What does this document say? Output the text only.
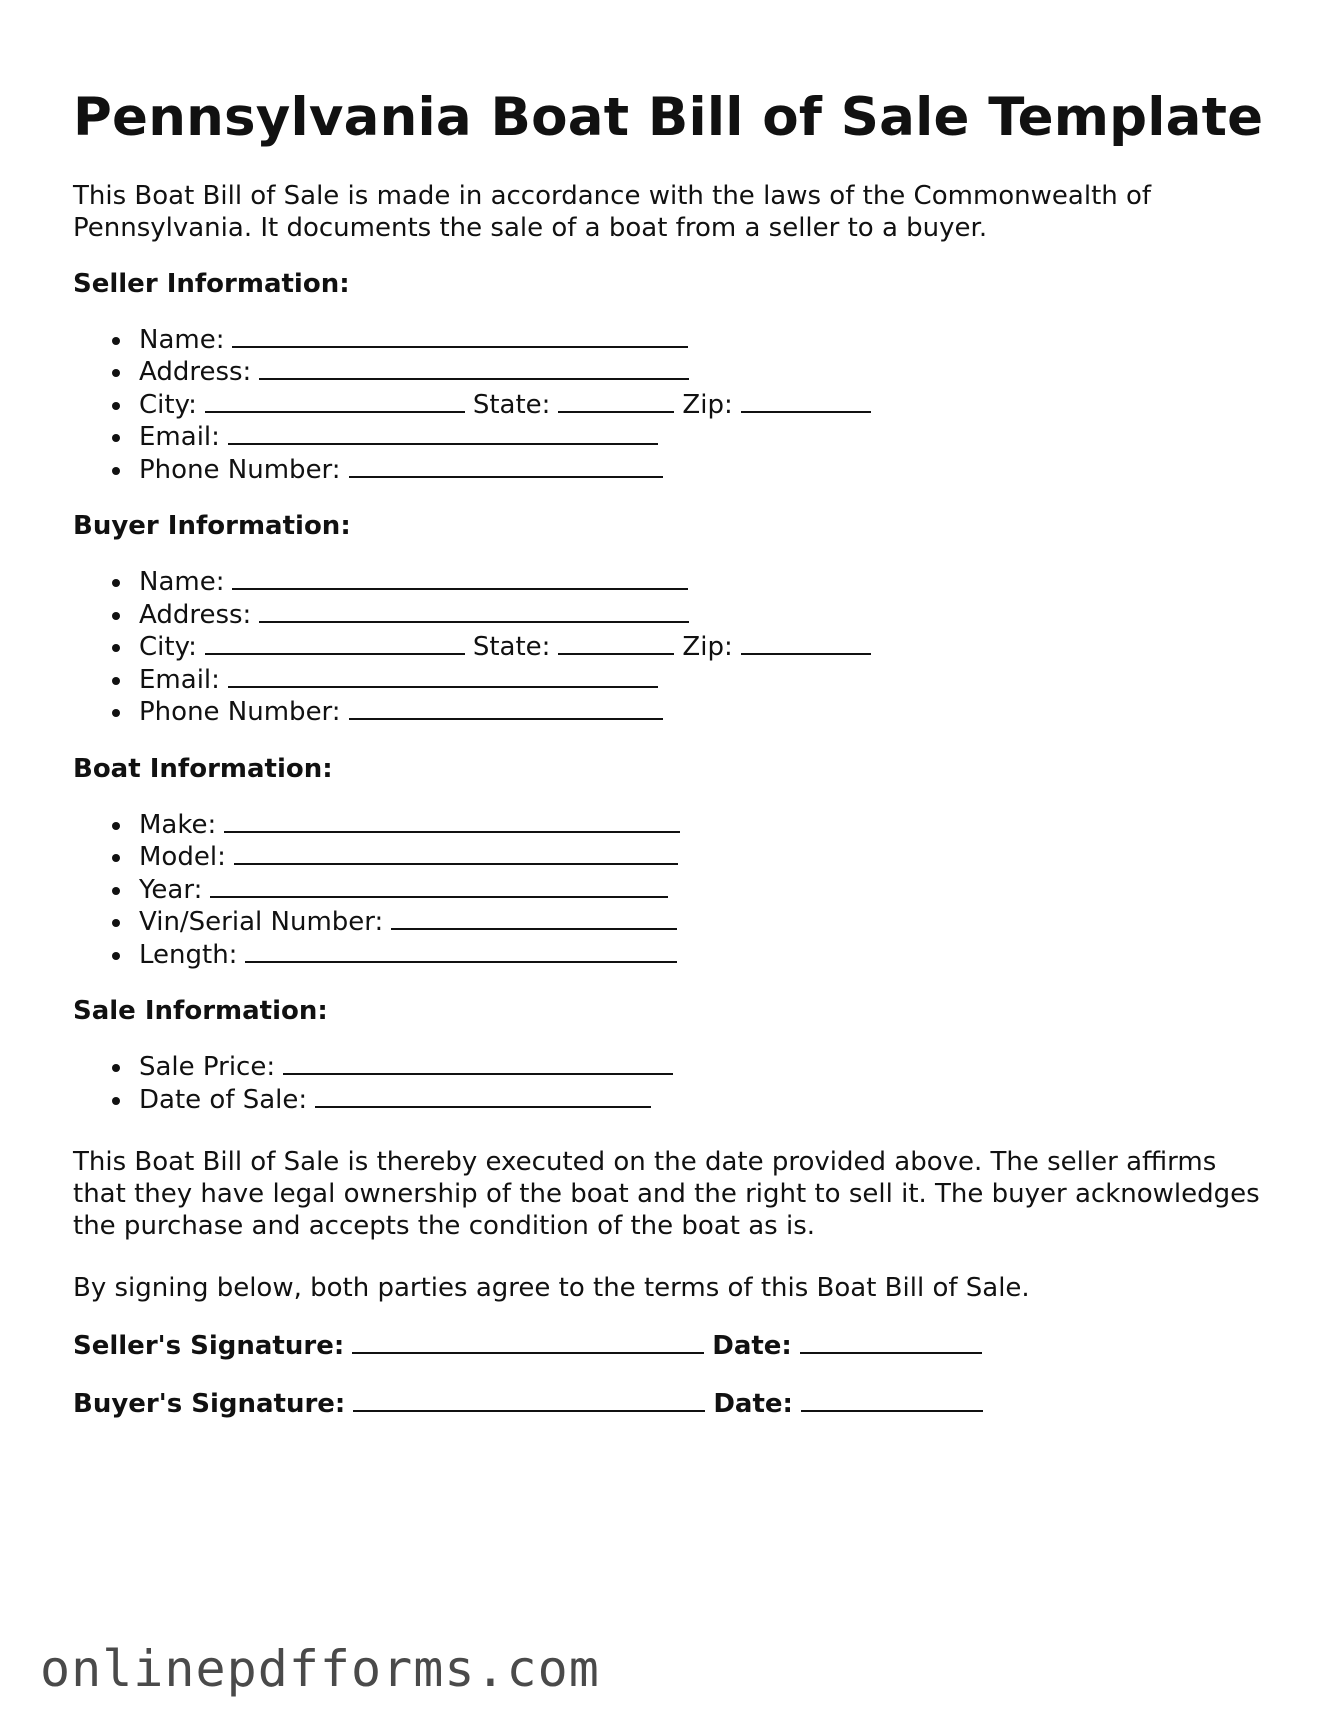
Pennsylvania Boat Bill of Sale Template

This Boat Bill of Sale is made in accordance with the laws of the Commonwealth of Pennsylvania. It documents the sale of a boat from a seller to a buyer.

Seller Information:
Name:
Address:
City:	State:	Zip:
Email:
Phone Number:
Buyer Information:
Name:
Address:
City:	State:	Zip:
Email:
Phone Number:
Boat Information:
Make:
Model:
Year:
Vin/Serial Number:
Length:
Sale Information:
Sale Price:
Date of Sale:

This Boat Bill of Sale is thereby executed on the date provided above. The seller affirms that they have legal ownership of the boat and the right to sell it. The buyer acknowledges the purchase and accepts the condition of the boat as is.

By signing below, both parties agree to the terms of this Boat Bill of Sale.

Seller's Signature:	Date:
Buyer's Signature:	Date:
onlinepdfforms.com
